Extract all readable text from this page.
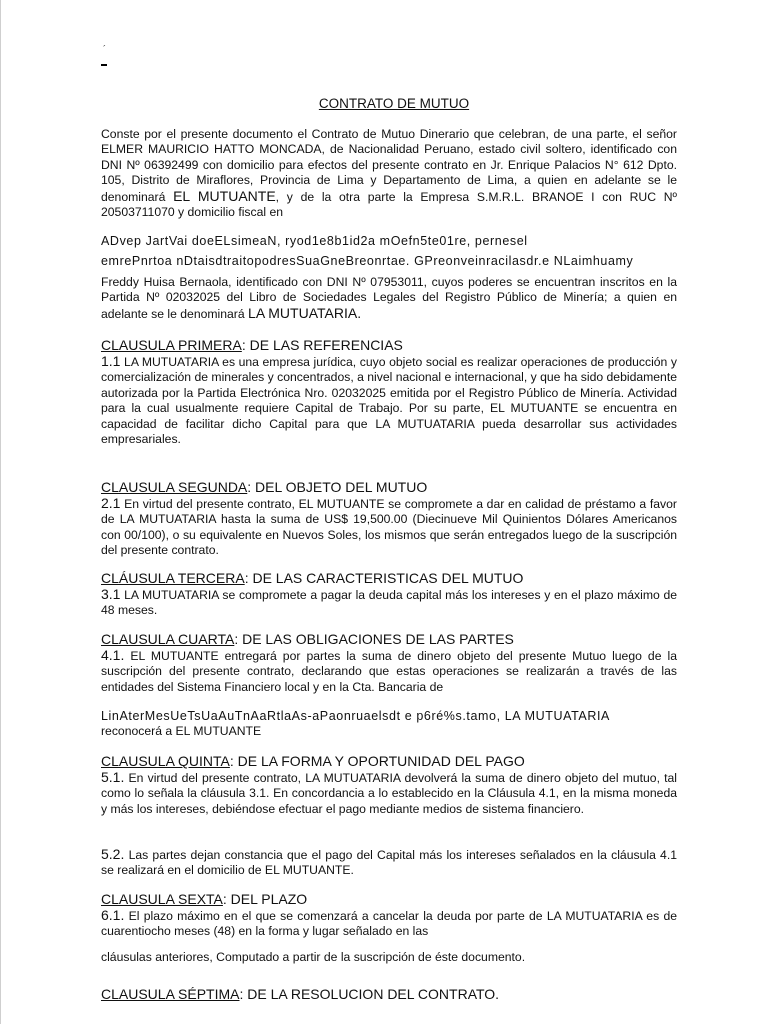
´
CONTRATO DE MUTUO

Conste por el presente documento el Contrato de Mutuo Dinerario que celebran, de una parte, el señor ELMER MAURICIO HATTO MONCADA, de Nacionalidad Peruano, estado civil soltero, identificado con DNI Nº 06392499 con domicilio para efectos del presente contrato en Jr. Enrique Palacios N° 612 Dpto. 105, Distrito de Miraflores, Provincia de Lima y Departamento de Lima, a quien en adelante se le denominará EL MUTUANTE, y de la otra parte la Empresa S.M.R.L. BRANOE I con RUC Nº 20503711070 y domicilio fiscal en

ADvep JartVai doeELsimeaN, ryod1e8b1id2a mOefn5te01re, pernesel

emrePnrtoa nDtaisdtraitopodresSuaGneBreonrtae. GPreonveinracilasdr.e NLaimhuamy

Freddy Huisa Bernaola, identificado con DNI Nº 07953011, cuyos poderes se encuentran inscritos en la Partida Nº 02032025 del Libro de Sociedades Legales del Registro Público de Minería; a quien en adelante se le denominará LA MUTUATARIA.

CLAUSULA PRIMERA: DE LAS REFERENCIAS

1.1 LA MUTUATARIA es una empresa jurídica, cuyo objeto social es realizar operaciones de producción y comercialización de minerales y concentrados, a nivel nacional e internacional, y que ha sido debidamente autorizada por la Partida Electrónica Nro. 02032025 emitida por el Registro Público de Minería. Actividad para la cual usualmente requiere Capital de Trabajo. Por su parte, EL MUTUANTE se encuentra en capacidad de facilitar dicho Capital para que LA MUTUATARIA pueda desarrollar sus actividades empresariales.

CLAUSULA SEGUNDA: DEL OBJETO DEL MUTUO

2.1 En virtud del presente contrato, EL MUTUANTE se compromete a dar en calidad de préstamo a favor de LA MUTUATARIA hasta la suma de US$ 19,500.00 (Diecinueve Mil Quinientos Dólares Americanos con 00/100), o su equivalente en Nuevos Soles, los mismos que serán entregados luego de la suscripción del presente contrato.

CLÁUSULA TERCERA: DE LAS CARACTERISTICAS DEL MUTUO

3.1 LA MUTUATARIA se compromete a pagar la deuda capital más los intereses y en el plazo máximo de 48 meses.

CLAUSULA CUARTA: DE LAS OBLIGACIONES DE LAS PARTES

4.1. EL MUTUANTE entregará por partes la suma de dinero objeto del presente Mutuo luego de la suscripción del presente contrato, declarando que estas operaciones se realizarán a través de las entidades del Sistema Financiero local y en la Cta. Bancaria de

LinAterMesUeTsUaAuTnAaRtlaAs-aPaonruaelsdt e p6ré%s.tamo, LA MUTUATARIA

reconocerá a EL MUTUANTE

CLAUSULA QUINTA: DE LA FORMA Y OPORTUNIDAD DEL PAGO

5.1. En virtud del presente contrato, LA MUTUATARIA devolverá la suma de dinero objeto del mutuo, tal como lo señala la cláusula 3.1. En concordancia a lo establecido en la Cláusula 4.1, en la misma moneda y más los intereses, debiéndose efectuar el pago mediante medios de sistema financiero.

5.2. Las partes dejan constancia que el pago del Capital más los intereses señalados en la cláusula 4.1 se realizará en el domicilio de EL MUTUANTE.

CLAUSULA SEXTA: DEL PLAZO

6.1. El plazo máximo en el que se comenzará a cancelar la deuda por parte de LA MUTUATARIA es de cuarentiocho meses (48) en la forma y lugar señalado en las

cláusulas anteriores, Computado a partir de la suscripción de éste documento.

CLAUSULA SÉPTIMA: DE LA RESOLUCION DEL CONTRATO.
